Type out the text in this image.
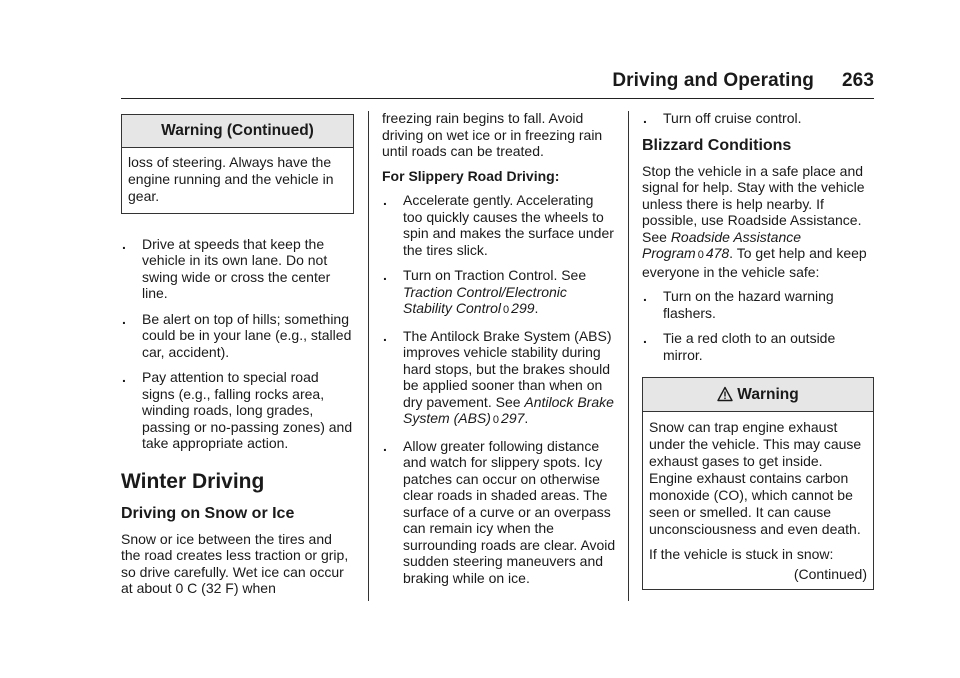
Driving and Operating 263
Warning (Continued)

loss of steering. Always have the engine running and the vehicle in gear.

. Drive at speeds that keep the vehicle in its own lane. Do not swing wide or cross the center line.
. Be alert on top of hills; something could be in your lane (e.g., stalled car, accident).
. Pay attention to special road signs (e.g., falling rocks area, winding roads, long grades, passing or no-passing zones) and take appropriate action.
Winter Driving
Driving on Snow or Ice

Snow or ice between the tires and the road creates less traction or grip, so drive carefully. Wet ice can occur at about 0 C (32 F) when

freezing rain begins to fall. Avoid driving on wet ice or in freezing rain until roads can be treated.

For Slippery Road Driving:
. Accelerate gently. Accelerating too quickly causes the wheels to spin and makes the surface under the tires slick.
. Turn on Traction Control. See Traction Control/Electronic Stability Control 0 299.
. The Antilock Brake System (ABS) improves vehicle stability during hard stops, but the brakes should be applied sooner than when on dry pavement. See Antilock Brake System (ABS) 0 297.
. Allow greater following distance and watch for slippery spots. Icy patches can occur on otherwise clear roads in shaded areas. The surface of a curve or an overpass can remain icy when the surrounding roads are clear. Avoid sudden steering maneuvers and braking while on ice.
. Turn off cruise control.
Blizzard Conditions

Stop the vehicle in a safe place and signal for help. Stay with the vehicle unless there is help nearby. If possible, use Roadside Assistance. See Roadside Assistance Program 0 478. To get help and keep everyone in the vehicle safe:

. Turn on the hazard warning flashers.
. Tie a red cloth to an outside mirror.
Warning

Snow can trap engine exhaust under the vehicle. This may cause exhaust gases to get inside. Engine exhaust contains carbon monoxide (CO), which cannot be seen or smelled. It can cause unconsciousness and even death.

If the vehicle is stuck in snow:

(Continued)
